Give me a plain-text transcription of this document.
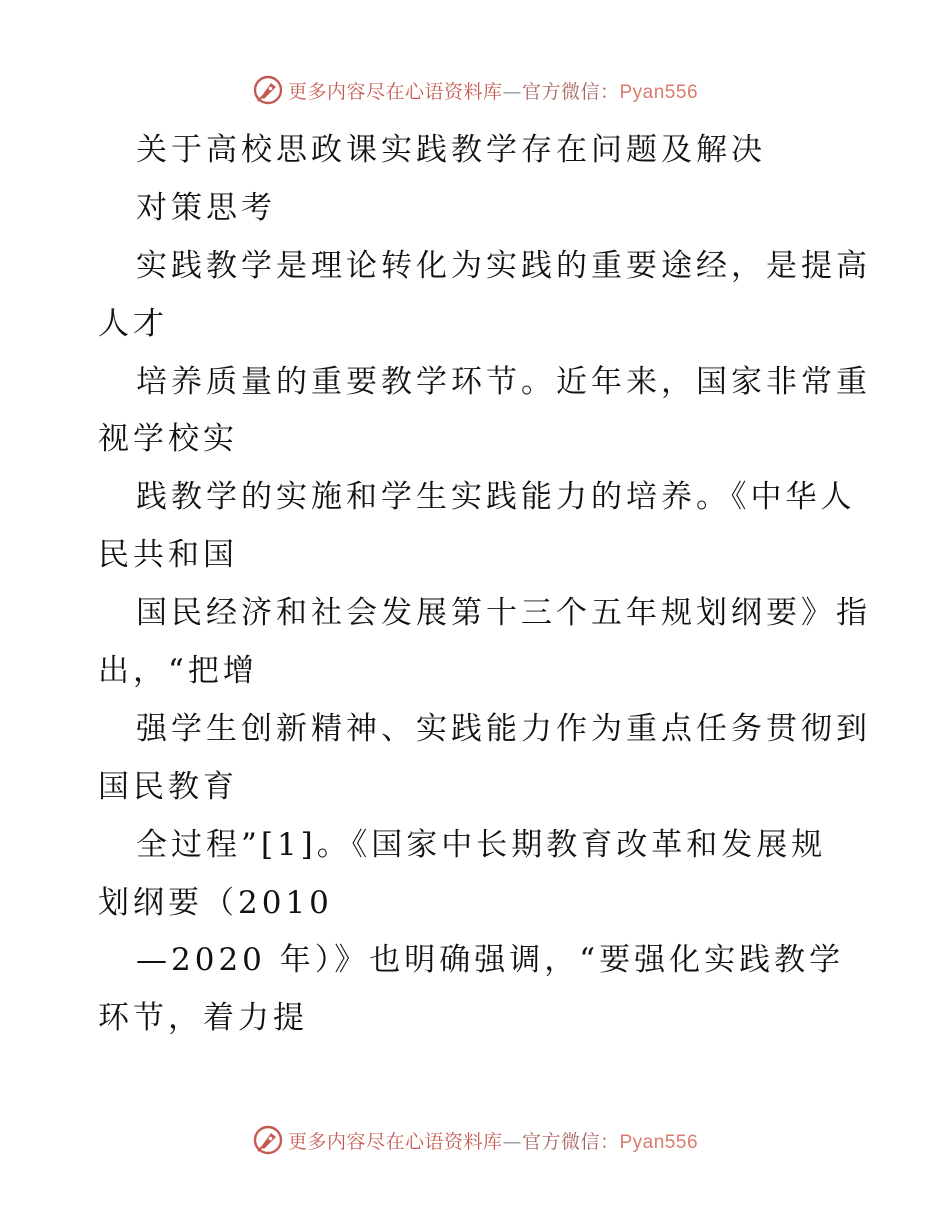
更多内容尽在心语资料库—官方微信：Pyan556
关于高校思政课实践教学存在问题及解决
对策思考
实践教学是理论转化为实践的重要途经，是提高
人才
培养质量的重要教学环节。近年来，国家非常重
视学校实
践教学的实施和学生实践能力的培养。《中华人
民共和国
国民经济和社会发展第十三个五年规划纲要》指
出，“把增
强学生创新精神、实践能力作为重点任务贯彻到
国民教育
全过程”[1]。《国家中长期教育改革和发展规
划纲要（2010
—2020 年）》也明确强调，“要强化实践教学
环节，着力提
更多内容尽在心语资料库—官方微信：Pyan556
